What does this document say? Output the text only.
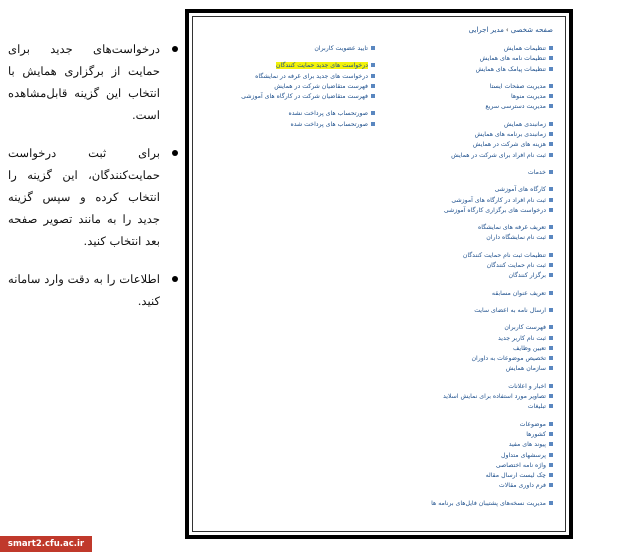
درخواست‌های جدید برای حمایت از برگزاری همایش با انتخاب این گزینه قابل‌مشاهده است.
برای ثبت درخواست حمایت‌کنندگان، این گزینه را انتخاب کرده و سپس گزینه جدید را به مانند تصویر صفحه بعد انتخاب کنید.
اطلاعات را به دقت وارد سامانه کنید.
صفحه شخصی›مدیر اجرایی
تنظیمات همایش
تنظیمات نامه های همایش
تنظیمات پیامک های همایش
مدیریت صفحات ایستا
مدیریت منوها
مدیریت دسترسی سریع
زمانبندی همایش
زمانبندی برنامه های همایش
هزینه های شرکت در همایش
ثبت نام افراد برای شرکت در همایش
خدمات
کارگاه های آموزشی
ثبت نام افراد در کارگاه های آموزشی
درخواست های برگزاری کارگاه آموزشی
تعریف غرفه های نمایشگاه
ثبت نام نمایشگاه داران
تنظیمات ثبت نام حمایت کنندگان
ثبت نام حمایت کنندگان
برگزار کنندگان
تعریف عنوان مسابقه
ارسال نامه به اعضای سایت
فهرست کاربران
ثبت نام کاربر جدید
تعیین وظایف
تخصیص موضوعات به داوران
سازمان همایش
اخبار و اعلانات
تصاویر مورد استفاده برای نمایش اسلاید
تبلیغات
موضوعات
کشورها
پیوند های مفید
پرسشهای متداول
واژه نامه اختصاصی
چک لیست ارسال مقاله
فرم داوری مقالات
مدیریت نسخه‌های پشتیبان فایل‌های برنامه ها
تایید عضویت کاربران
درخواست های جدید حمایت کنندگان
درخواست های جدید برای غرفه در نمایشگاه
فهرست متقاضیان شرکت در همایش
فهرست متقاضیان شرکت در کارگاه های آموزشی
صورتحساب های پرداخت نشده
صورتحساب های پرداخت شده
smart2.cfu.ac.ir
